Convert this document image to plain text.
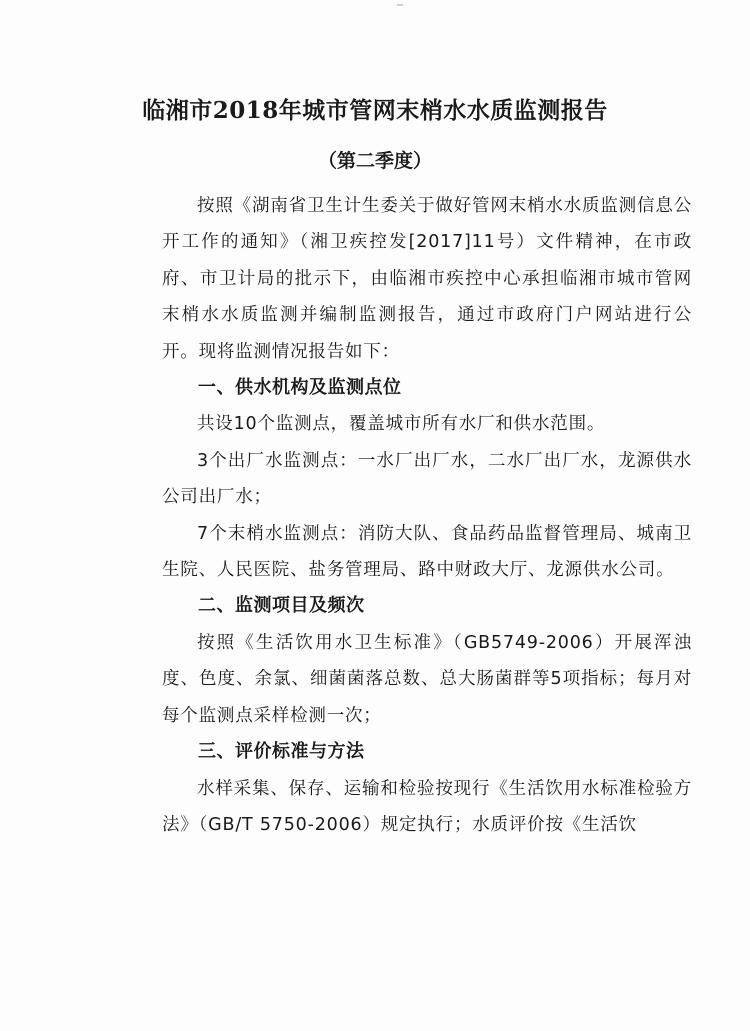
临湘市2018年城市管网末梢水水质监测报告
（第二季度）

按照《湖南省卫生计生委关于做好管网末梢水水质监测信息公开工作的通知》（湘卫疾控发[2017]11号）文件精神，在市政府、市卫计局的批示下，由临湘市疾控中心承担临湘市城市管网末梢水水质监测并编制监测报告，通过市政府门户网站进行公开。现将监测情况报告如下：

一、供水机构及监测点位

共设10个监测点，覆盖城市所有水厂和供水范围。

3个出厂水监测点：一水厂出厂水，二水厂出厂水，龙源供水公司出厂水；

7个末梢水监测点：消防大队、食品药品监督管理局、城南卫生院、人民医院、盐务管理局、路中财政大厅、龙源供水公司。

二、监测项目及频次

按照《生活饮用水卫生标准》（GB5749-2006）开展浑浊度、色度、余氯、细菌菌落总数、总大肠菌群等5项指标；每月对每个监测点采样检测一次；

三、评价标准与方法

水样采集、保存、运输和检验按现行《生活饮用水标准检验方法》（GB/T 5750-2006）规定执行；水质评价按《生活饮
